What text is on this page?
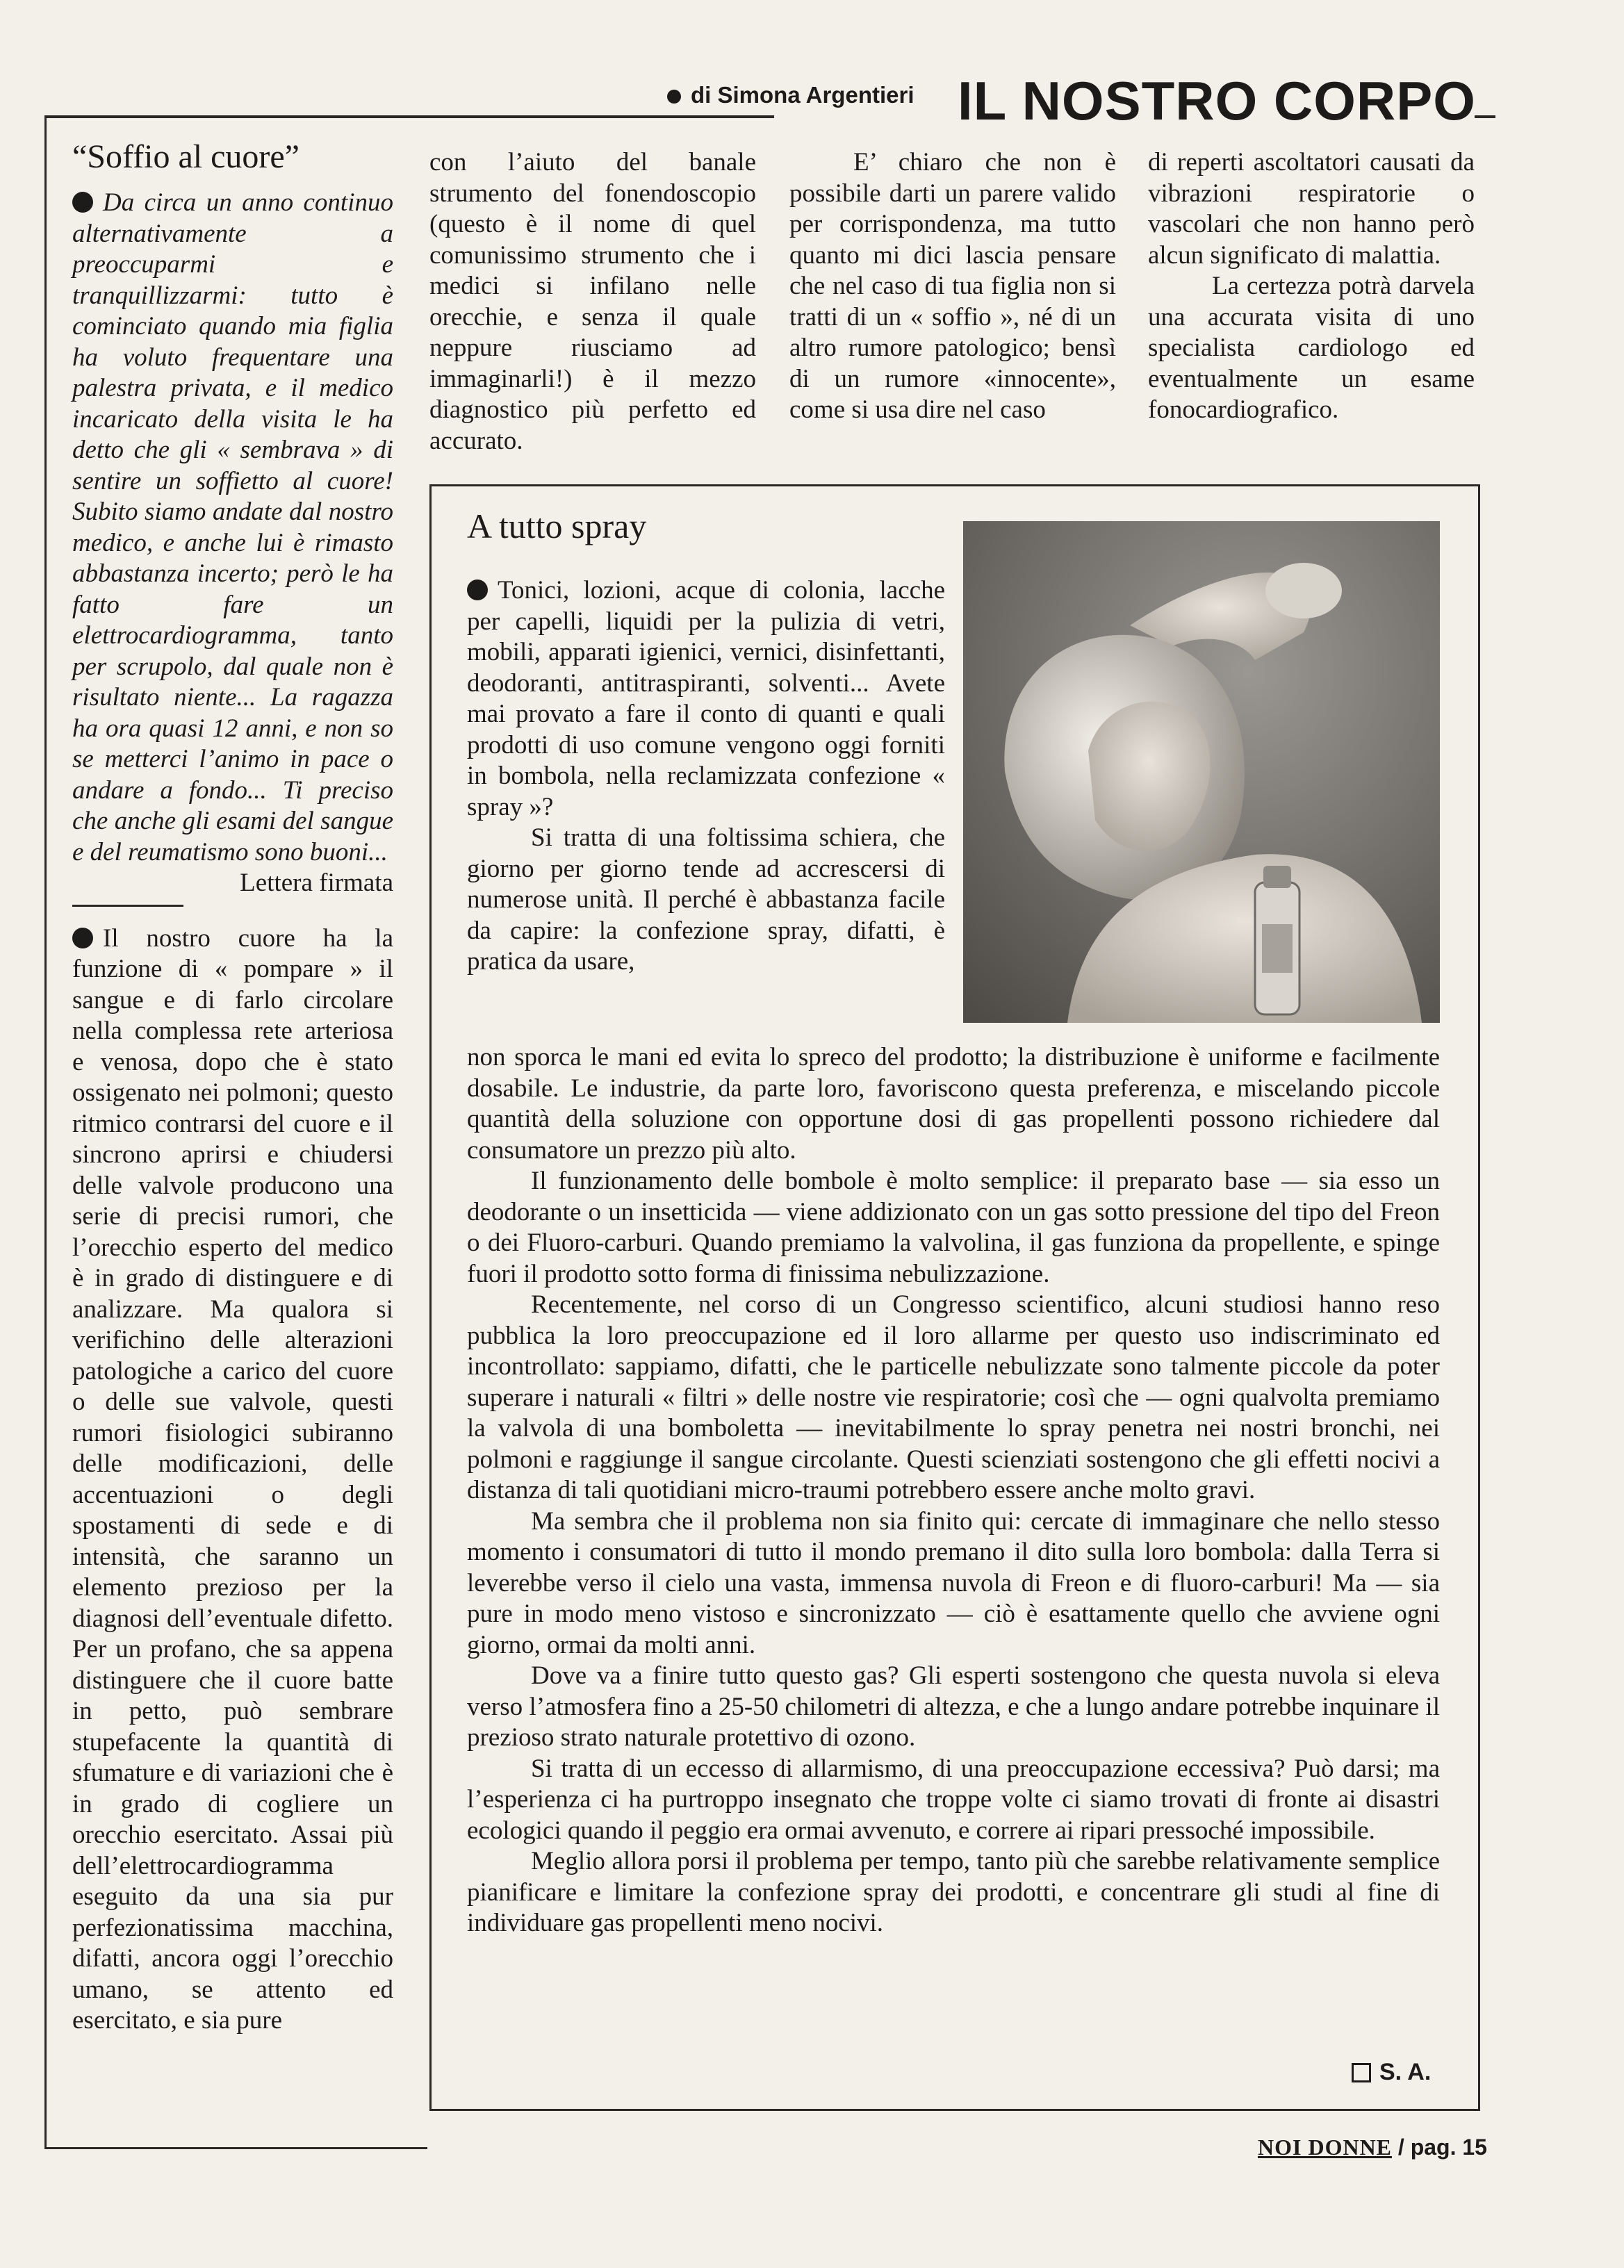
di Simona Argentieri IL NOSTRO CORPO
“Soffio al cuore”

Da circa un anno continuo alternativamente a preoccuparmi e tranquillizzarmi: tutto è cominciato quando mia figlia ha voluto frequentare una palestra privata, e il medico incaricato della visita le ha detto che gli « sembrava » di sentire un soffietto al cuore! Subito siamo andate dal nostro medico, e anche lui è rimasto abbastanza incerto; però le ha fatto fare un elettrocardiogramma, tanto per scrupolo, dal quale non è risultato niente... La ragazza ha ora quasi 12 anni, e non so se metterci l’animo in pace o andare a fondo... Ti preciso che anche gli esami del sangue e del reumatismo sono buoni...

Lettera firmata

Il nostro cuore ha la funzione di « pompare » il sangue e di farlo circolare nella complessa rete arteriosa e venosa, dopo che è stato ossigenato nei polmoni; questo ritmico contrarsi del cuore e il sincrono aprirsi e chiudersi delle valvole producono una serie di precisi rumori, che l’orecchio esperto del medico è in grado di distinguere e di analizzare. Ma qualora si verifichino delle alterazioni patologiche a carico del cuore o delle sue valvole, questi rumori fisiologici subiranno delle modificazioni, delle accentuazioni o degli spostamenti di sede e di intensità, che saranno un elemento prezioso per la diagnosi dell’eventuale difetto. Per un profano, che sa appena distinguere che il cuore batte in petto, può sembrare stupefacente la quantità di sfumature e di variazioni che è in grado di cogliere un orecchio esercitato. Assai più dell’elettrocardiogramma eseguito da una sia pur perfezionatissima macchina, difatti, ancora oggi l’orecchio umano, se attento ed esercitato, e sia pure

con l’aiuto del banale strumento del fonendoscopio (questo è il nome di quel comunissimo strumento che i medici si infilano nelle orecchie, e senza il quale neppure riusciamo ad immaginarli!) è il mezzo diagnostico più perfetto ed accurato.

E’ chiaro che non è possibile darti un parere valido per corrispondenza, ma tutto quanto mi dici lascia pensare che nel caso di tua figlia non si tratti di un « soffio », né di un altro rumore patologico; bensì di un rumore «innocente», come si usa dire nel caso

di reperti ascoltatori causati da vibrazioni respiratorie o vascolari che non hanno però alcun significato di malattia.

La certezza potrà darvela una accurata visita di uno specialista cardiologo ed eventualmente un esame fonocardiografico.

A tutto spray

Tonici, lozioni, acque di colonia, lacche per capelli, liquidi per la pulizia di vetri, mobili, apparati igienici, vernici, disinfettanti, deodoranti, antitraspiranti, solventi... Avete mai provato a fare il conto di quanti e quali prodotti di uso comune vengono oggi forniti in bombola, nella reclamizzata confezione « spray »?

Si tratta di una foltissima schiera, che giorno per giorno tende ad accrescersi di numerose unità. Il perché è abbastanza facile da capire: la confezione spray, difatti, è pratica da usare,

non sporca le mani ed evita lo spreco del prodotto; la distribuzione è uniforme e facilmente dosabile. Le industrie, da parte loro, favoriscono questa preferenza, e miscelando piccole quantità della soluzione con opportune dosi di gas propellenti possono richiedere dal consumatore un prezzo più alto.

Il funzionamento delle bombole è molto semplice: il preparato base — sia esso un deodorante o un insetticida — viene addizionato con un gas sotto pressione del tipo del Freon o dei Fluoro-carburi. Quando premiamo la valvolina, il gas funziona da propellente, e spinge fuori il prodotto sotto forma di finissima nebulizzazione.

Recentemente, nel corso di un Congresso scientifico, alcuni studiosi hanno reso pubblica la loro preoccupazione ed il loro allarme per questo uso indiscriminato ed incontrollato: sappiamo, difatti, che le particelle nebulizzate sono talmente piccole da poter superare i naturali « filtri » delle nostre vie respiratorie; così che — ogni qualvolta premiamo la valvola di una bomboletta — inevitabilmente lo spray penetra nei nostri bronchi, nei polmoni e raggiunge il sangue circolante. Questi scienziati sostengono che gli effetti nocivi a distanza di tali quotidiani micro-traumi potrebbero essere anche molto gravi.

Ma sembra che il problema non sia finito qui: cercate di immaginare che nello stesso momento i consumatori di tutto il mondo premano il dito sulla loro bombola: dalla Terra si leverebbe verso il cielo una vasta, immensa nuvola di Freon e di fluoro-carburi! Ma — sia pure in modo meno vistoso e sincronizzato — ciò è esattamente quello che avviene ogni giorno, ormai da molti anni.

Dove va a finire tutto questo gas? Gli esperti sostengono che questa nuvola si eleva verso l’atmosfera fino a 25-50 chilometri di altezza, e che a lungo andare potrebbe inquinare il prezioso strato naturale protettivo di ozono.

Si tratta di un eccesso di allarmismo, di una preoccupazione eccessiva? Può darsi; ma l’esperienza ci ha purtroppo insegnato che troppe volte ci siamo trovati di fronte ai disastri ecologici quando il peggio era ormai avvenuto, e correre ai ripari pressoché impossibile.

Meglio allora porsi il problema per tempo, tanto più che sarebbe relativamente semplice pianificare e limitare la confezione spray dei prodotti, e concentrare gli studi al fine di individuare gas propellenti meno nocivi.

S. A.
NOI DONNE / pag. 15
